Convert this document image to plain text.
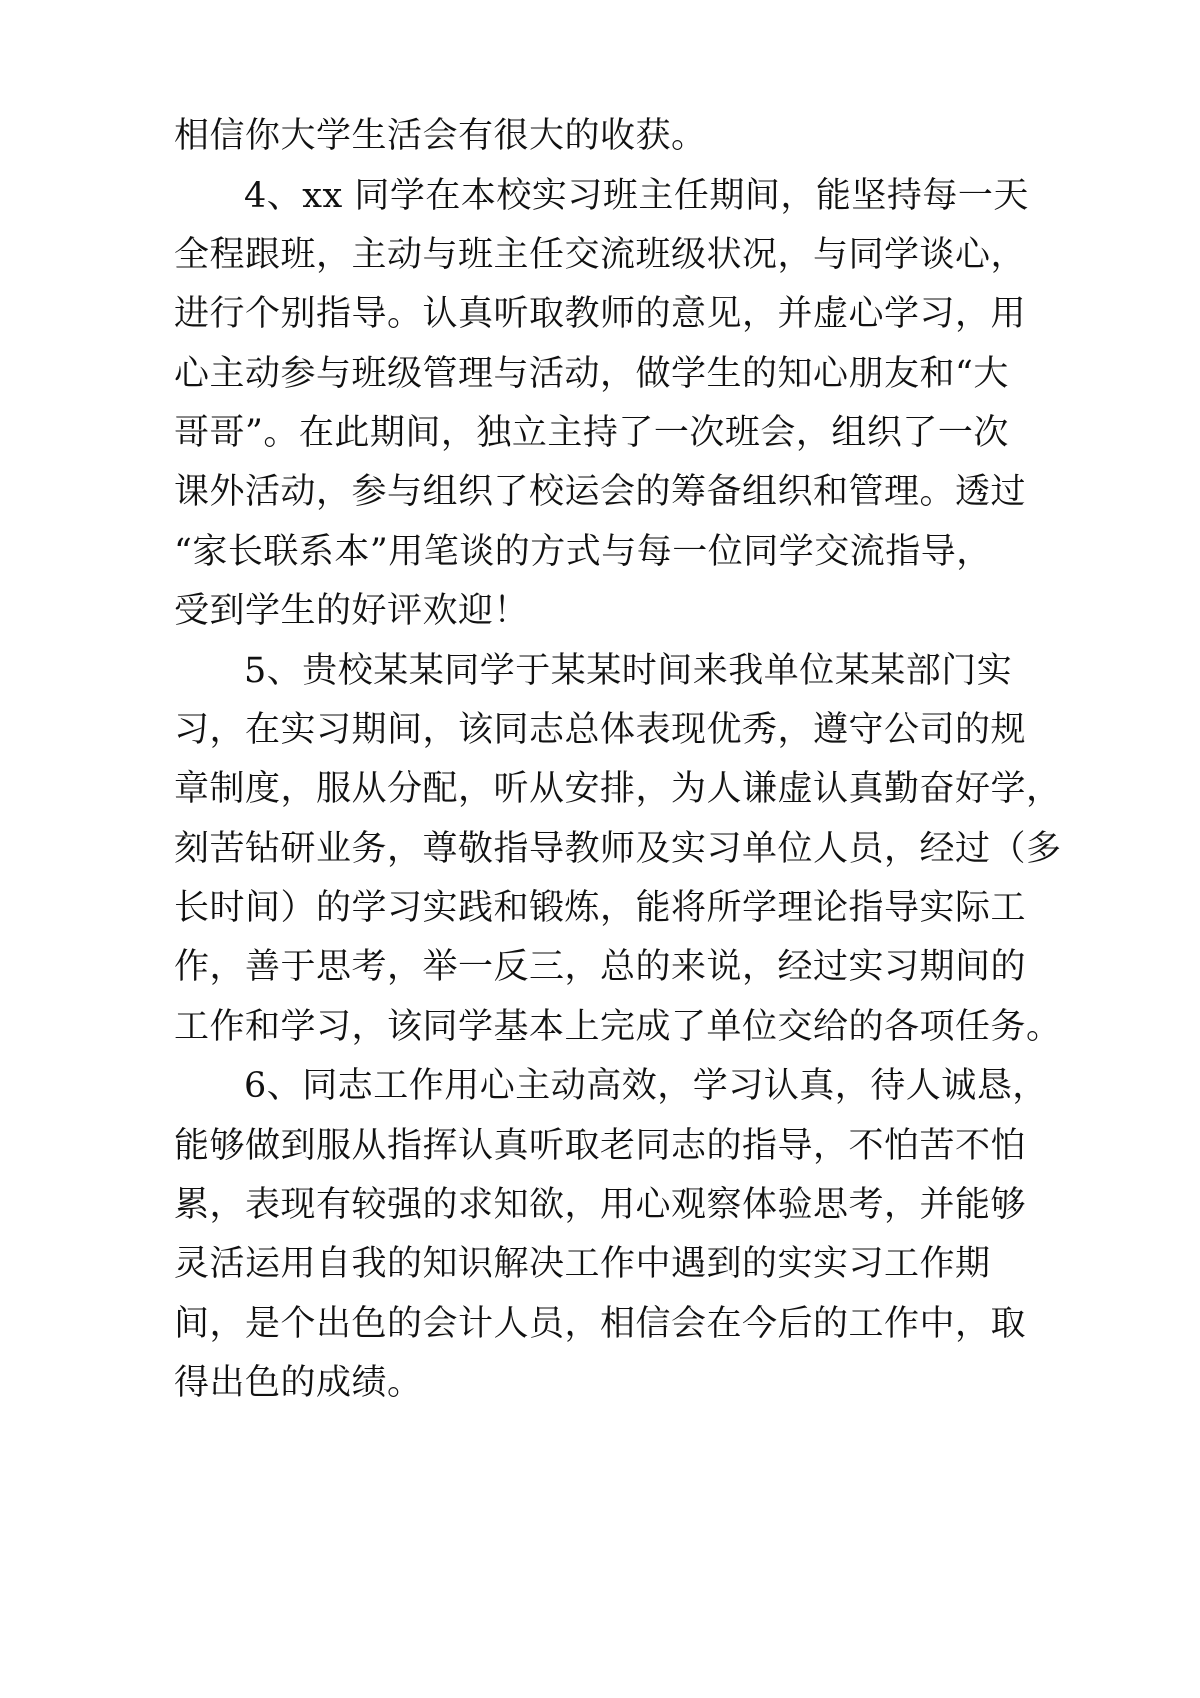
相信你大学生活会有很大的收获。
4、xx 同学在本校实习班主任期间，能坚持每一天
全程跟班，主动与班主任交流班级状况，与同学谈心，
进行个别指导。认真听取教师的意见，并虚心学习，用
心主动参与班级管理与活动，做学生的知心朋友和“大
哥哥”。在此期间，独立主持了一次班会，组织了一次
课外活动，参与组织了校运会的筹备组织和管理。透过
“家长联系本”用笔谈的方式与每一位同学交流指导，
受到学生的好评欢迎！
5、贵校某某同学于某某时间来我单位某某部门实
习，在实习期间，该同志总体表现优秀，遵守公司的规
章制度，服从分配，听从安排，为人谦虚认真勤奋好学，
刻苦钻研业务，尊敬指导教师及实习单位人员，经过（多
长时间）的学习实践和锻炼，能将所学理论指导实际工
作，善于思考，举一反三，总的来说，经过实习期间的
工作和学习，该同学基本上完成了单位交给的各项任务。
6、同志工作用心主动高效，学习认真，待人诚恳，
能够做到服从指挥认真听取老同志的指导，不怕苦不怕
累，表现有较强的求知欲，用心观察体验思考，并能够
灵活运用自我的知识解决工作中遇到的实实习工作期
间，是个出色的会计人员，相信会在今后的工作中，取
得出色的成绩。
